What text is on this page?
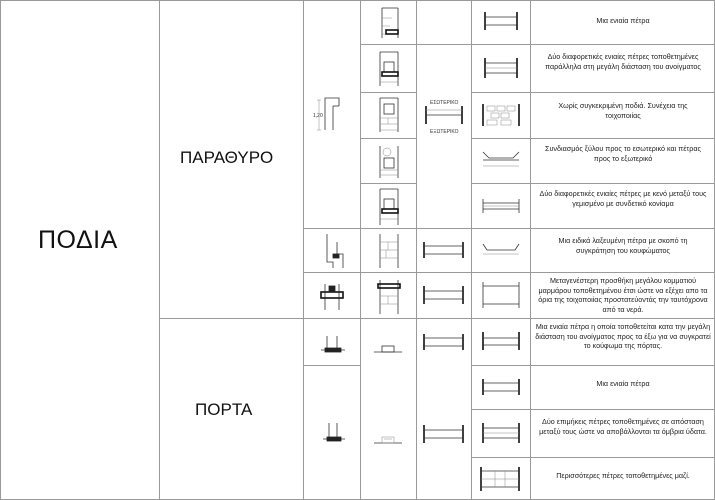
ΠΟΔΙΑ
ΠΑΡΑΘΥΡΟ
ΠΟΡΤΑ
ΕΣΩΤΕΡΙΚΟ
ΕΞΩΤΕΡΙΚΟ
1,20
Μια ενιαία πέτρα
Δύο διαφορετικές ενιαίες πέτρες τοποθετημένες παράλληλα στη μεγάλη διάσταση του ανοίγματος
Χωρίς συγκεκριμένη ποδιά. Συνέχεια της τοιχοποιίας
Συνδιασμός ξύλου προς το εσωτερικό και πέτρας προς το εξωτερικό
Δύο διαφορετικές ενιαίες πέτρες με κενό μεταξύ τους γεμισμένο με συνδετικό κονίαμα
Μια ειδικά λαξευμένη πέτρα με σκοπό τη συγκράτηση του κουφώματος
Μεταγενέστερη προσθήκη μεγάλου κομματιού μαρμάρου τοποθετημένου έτσι ώστε να εξέχει απο τα όρια της τοιχοποιίας προστατεύοντάς την ταυτόχρονα από τα νερά.
Μια ενιαία πέτρα η οποία τοποθετείται κατα την μεγάλη διάσταση του ανοίγματος προς τα έξω για να συγκρατεί το κούφωμα της πόρτας.
Μια ενιαία πέτρα
Δύο επιμήκεις πέτρες τοποθετημένες σε απόσταση μεταξύ τους ώστε να αποβάλλονται τα όμβρια ύδατα.
Περισσότερες πέτρες τοποθετημένες μαζί.
